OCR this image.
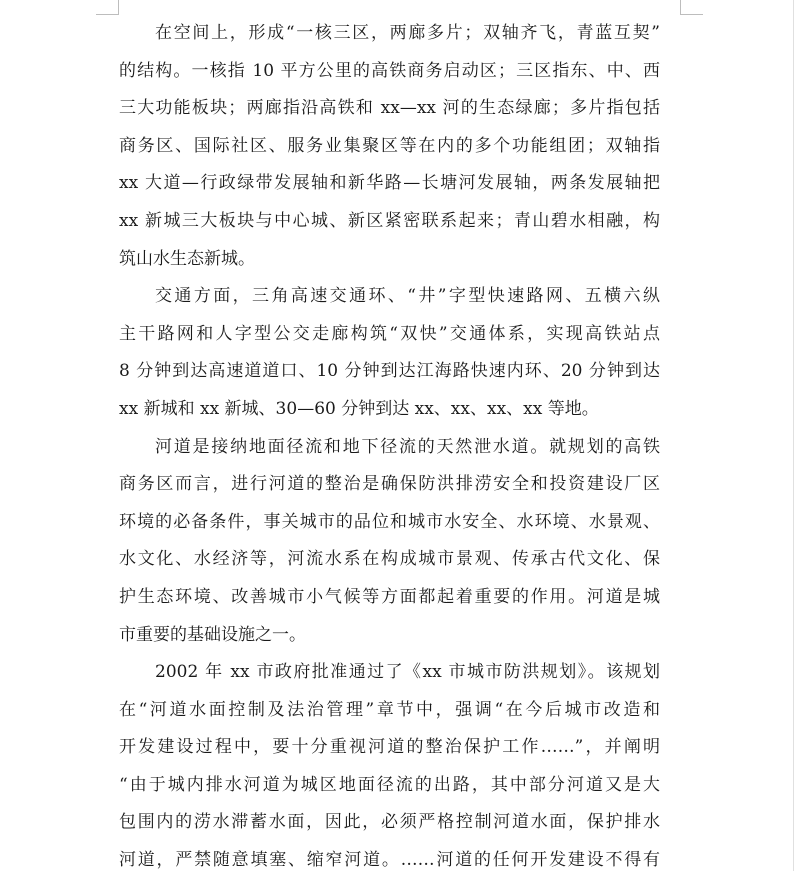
在空间上，形成“一核三区，两廊多片；双轴齐飞，青蓝互契”
的结构。一核指 10 平方公里的高铁商务启动区；三区指东、中、西
三大功能板块；两廊指沿高铁和 xx—xx 河的生态绿廊；多片指包括
商务区、国际社区、服务业集聚区等在内的多个功能组团；双轴指
xx 大道—行政绿带发展轴和新华路—长塘河发展轴，两条发展轴把
xx 新城三大板块与中心城、新区紧密联系起来；青山碧水相融，构
筑山水生态新城。
交通方面，三角高速交通环、“井”字型快速路网、五横六纵
主干路网和人字型公交走廊构筑“双快”交通体系，实现高铁站点
8 分钟到达高速道道口、10 分钟到达江海路快速内环、20 分钟到达
xx 新城和 xx 新城、30—60 分钟到达 xx、xx、xx、xx 等地。
河道是接纳地面径流和地下径流的天然泄水道。就规划的高铁
商务区而言，进行河道的整治是确保防洪排涝安全和投资建设厂区
环境的必备条件，事关城市的品位和城市水安全、水环境、水景观、
水文化、水经济等，河流水系在构成城市景观、传承古代文化、保
护生态环境、改善城市小气候等方面都起着重要的作用。河道是城
市重要的基础设施之一。
2002 年 xx 市政府批准通过了《xx 市城市防洪规划》。该规划
在“河道水面控制及法治管理”章节中，强调“在今后城市改造和
开发建设过程中，要十分重视河道的整治保护工作……”，并阐明
“由于城内排水河道为城区地面径流的出路，其中部分河道又是大
包围内的涝水滞蓄水面，因此，必须严格控制河道水面，保护排水
河道，严禁随意填塞、缩窄河道。……河道的任何开发建设不得有
